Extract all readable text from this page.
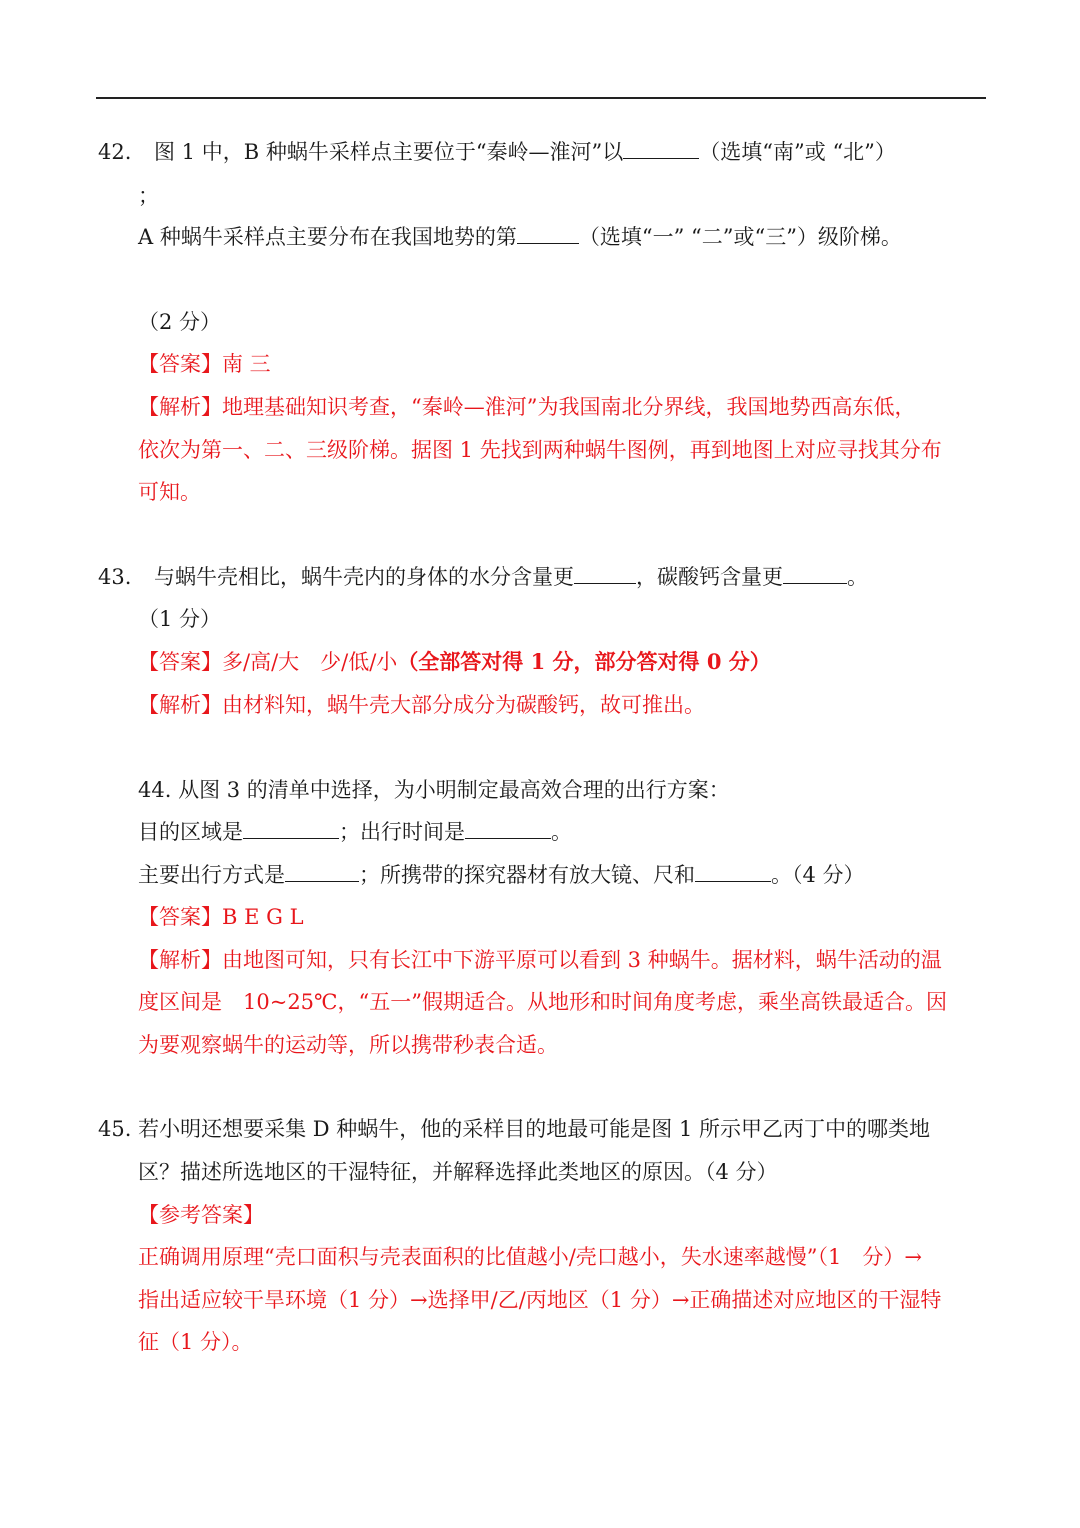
42. 图 1 中，B 种蜗牛采样点主要位于“秦岭—淮河”以	（选填“南”或 “北”）
；
A 种蜗牛采样点主要分布在我国地势的第	（选填“一” “二”或“三”）级阶梯。
（2 分）
【答案】南 三
【解析】地理基础知识考查，“秦岭—淮河”为我国南北分界线，我国地势西高东低，
依次为第一、二、三级阶梯。据图 1 先找到两种蜗牛图例，再到地图上对应寻找其分布
可知。
43. 与蜗牛壳相比，蜗牛壳内的身体的水分含量更	，碳酸钙含量更	。
（1 分）
【答案】多/高/大　少/低/小（全部答对得 1 分，部分答对得 0 分）
【解析】由材料知，蜗牛壳大部分成分为碳酸钙，故可推出。
44. 从图 3 的清单中选择，为小明制定最高效合理的出行方案：
目的区域是	；出行时间是	。
主要出行方式是	；所携带的探究器材有放大镜、尺和	。（4 分）
【答案】B E G L
【解析】由地图可知，只有长江中下游平原可以看到 3 种蜗牛。据材料，蜗牛活动的温
度区间是　10~25℃，“五一”假期适合。从地形和时间角度考虑，乘坐高铁最适合。因
为要观察蜗牛的运动等，所以携带秒表合适。
45. 若小明还想要采集 D 种蜗牛，他的采样目的地最可能是图 1 所示甲乙丙丁中的哪类地
区？描述所选地区的干湿特征，并解释选择此类地区的原因。（4 分）
【参考答案】
正确调用原理“壳口面积与壳表面积的比值越小/壳口越小，失水速率越慢”（1　分）→
指出适应较干旱环境（1 分）→选择甲/乙/丙地区（1 分）→正确描述对应地区的干湿特
征（1 分）。
